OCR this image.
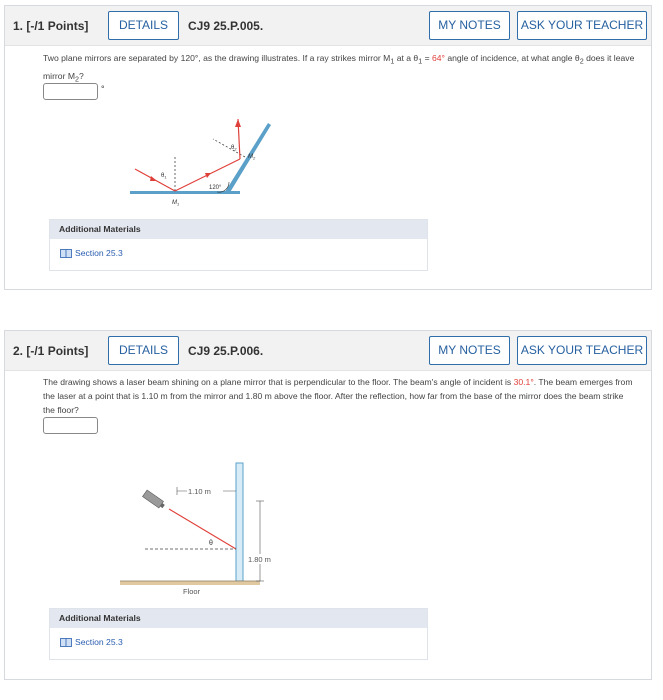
1. [-/1 Points]	DETAILS	CJ9 25.P.005.	MY NOTES	ASK YOUR TEACHER
Two plane mirrors are separated by 120°, as the drawing illustrates. If a ray strikes mirror $M_1$ at a $\theta_1 = 64^\circ$ angle of incidence, at what angle $\theta_2$ does it leave mirror $M_2$?
°
$\theta_1$
$\theta_2$
$M_1$
$M_2$
120°
Additional Materials
Section 25.3
2. [-/1 Points]	DETAILS	CJ9 25.P.006.	MY NOTES	ASK YOUR TEACHER
The drawing shows a laser beam shining on a plane mirror that is perpendicular to the floor. The beam's angle of incident is 30.1°. The beam emerges from the laser at a point that is 1.10 m from the mirror and 1.80 m above the floor. After the reflection, how far from the base of the mirror does the beam strike the floor?
1.10 m
1.80 m
θ
Floor
Additional Materials
Section 25.3
